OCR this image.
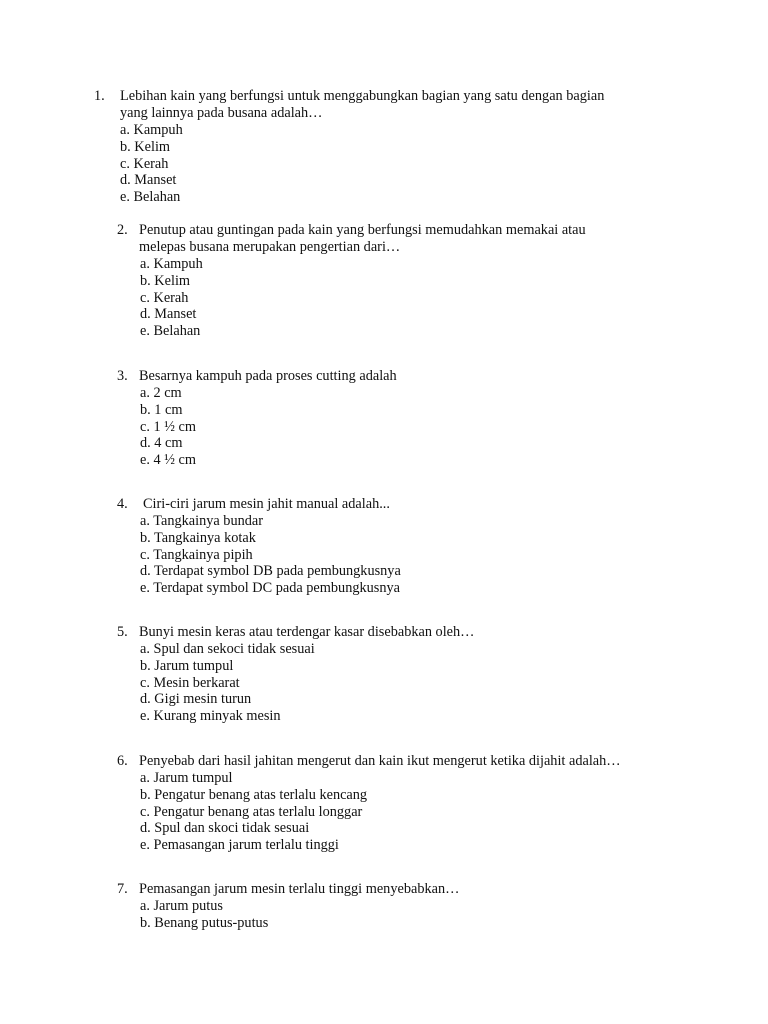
1. Lebihan kain yang berfungsi untuk menggabungkan bagian yang satu dengan bagian
yang lainnya pada busana adalah…
a. Kampuh
b. Kelim
c. Kerah
d. Manset
e. Belahan
2. Penutup atau guntingan pada kain yang berfungsi memudahkan memakai atau
melepas busana merupakan pengertian dari…
a. Kampuh
b. Kelim
c. Kerah
d. Manset
e. Belahan
3. Besarnya kampuh pada proses cutting adalah
a. 2 cm
b. 1 cm
c. 1 ½ cm
d. 4 cm
e. 4 ½ cm
4. Ciri-ciri jarum mesin jahit manual adalah...
a. Tangkainya bundar
b. Tangkainya kotak
c. Tangkainya pipih
d. Terdapat symbol DB pada pembungkusnya
e. Terdapat symbol DC pada pembungkusnya
5. Bunyi mesin keras atau terdengar kasar disebabkan oleh…
a. Spul dan sekoci tidak sesuai
b. Jarum tumpul
c. Mesin berkarat
d. Gigi mesin turun
e. Kurang minyak mesin
6. Penyebab dari hasil jahitan mengerut dan kain ikut mengerut ketika dijahit adalah…
a. Jarum tumpul
b. Pengatur benang atas terlalu kencang
c. Pengatur benang atas terlalu longgar
d. Spul dan skoci tidak sesuai
e. Pemasangan jarum terlalu tinggi
7. Pemasangan jarum mesin terlalu tinggi menyebabkan…
a. Jarum putus
b. Benang putus-putus
